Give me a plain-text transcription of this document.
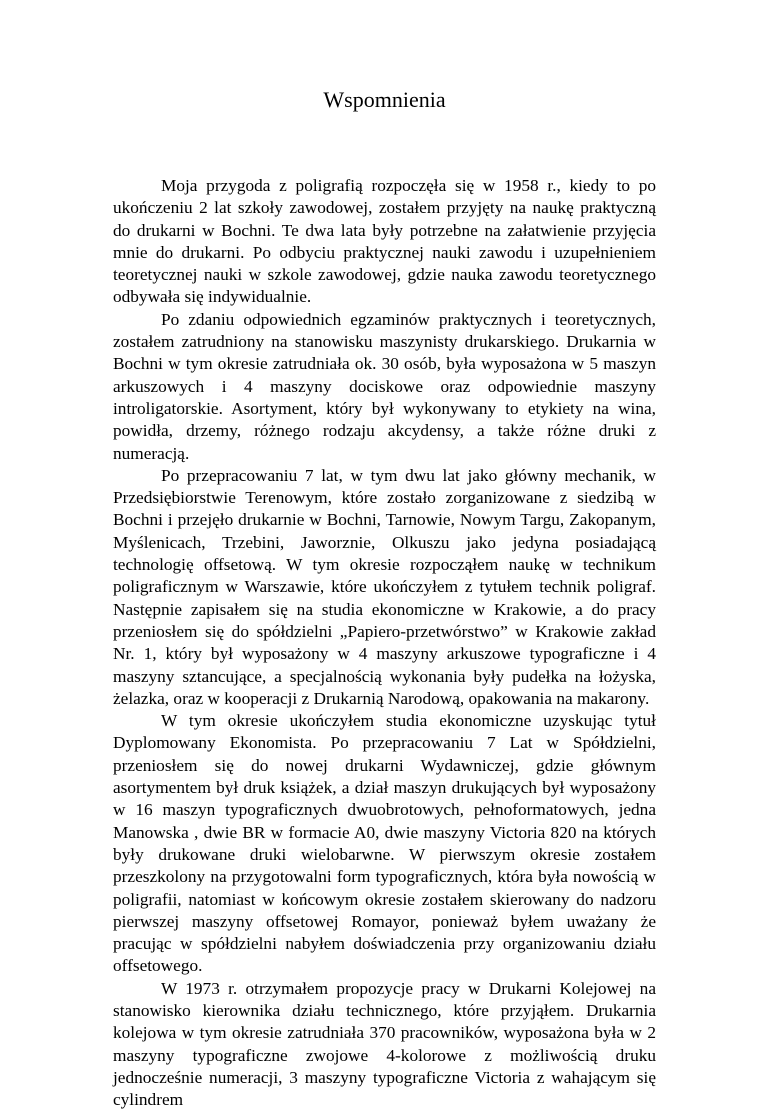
Wspomnienia

Moja przygoda z poligrafią rozpoczęła się w 1958 r., kiedy to po ukończeniu 2 lat szkoły zawodowej, zostałem przyjęty na naukę praktyczną do drukarni w Bochni. Te dwa lata były potrzebne na załatwienie przyjęcia mnie do drukarni. Po odbyciu praktycznej nauki zawodu i uzupełnieniem teoretycznej nauki w szkole zawodowej, gdzie nauka zawodu teoretycznego odbywała się indywidualnie.

Po zdaniu odpowiednich egzaminów praktycznych i teoretycznych, zostałem zatrudniony na stanowisku maszynisty drukarskiego. Drukarnia w Bochni w tym okresie zatrudniała ok. 30 osób, była wyposażona w 5 maszyn arkuszowych i 4 maszyny dociskowe oraz odpowiednie maszyny introligatorskie. Asortyment, który był wykonywany to etykiety na wina, powidła, drzemy, różnego rodzaju akcydensy, a także różne druki z numeracją.

Po przepracowaniu 7 lat, w tym dwu lat jako główny mechanik, w Przedsiębiorstwie Terenowym, które zostało zorganizowane z siedzibą w Bochni i przejęło drukarnie w Bochni, Tarnowie, Nowym Targu, Zakopanym, Myślenicach, Trzebini, Jaworznie, Olkuszu jako jedyna posiadającą technologię offsetową. W tym okresie rozpocząłem naukę w technikum poligraficznym w Warszawie, które ukończyłem z tytułem technik poligraf. Następnie zapisałem się na studia ekonomiczne w Krakowie, a do pracy przeniosłem się do spółdzielni „Papiero-przetwórstwo” w Krakowie zakład Nr. 1, który był wyposażony w 4 maszyny arkuszowe typograficzne i 4 maszyny sztancujące, a specjalnością wykonania były pudełka na łożyska, żelazka, oraz w kooperacji z Drukarnią Narodową, opakowania na makarony.

W tym okresie ukończyłem studia ekonomiczne uzyskując tytuł Dyplomowany Ekonomista. Po przepracowaniu 7 Lat w Spółdzielni, przeniosłem się do nowej drukarni Wydawniczej, gdzie głównym asortymentem był druk książek, a dział maszyn drukujących był wyposażony w 16 maszyn typograficznych dwuobrotowych, pełnoformatowych, jedna Manowska , dwie BR w formacie A0, dwie maszyny Victoria 820 na których były drukowane druki wielobarwne. W pierwszym okresie zostałem przeszkolony na przygotowalni form typograficznych, która była nowością w poligrafii, natomiast w końcowym okresie zostałem skierowany do nadzoru pierwszej maszyny offsetowej Romayor, ponieważ byłem uważany że pracując w spółdzielni nabyłem doświadczenia przy organizowaniu działu offsetowego.

W 1973 r. otrzymałem propozycje pracy w Drukarni Kolejowej na stanowisko kierownika działu technicznego, które przyjąłem. Drukarnia kolejowa w tym okresie zatrudniała 370 pracowników, wyposażona była w 2 maszyny typograficzne zwojowe 4-kolorowe z możliwością druku jednocześnie numeracji, 3 maszyny typograficzne Victoria z wahającym się cylindrem
